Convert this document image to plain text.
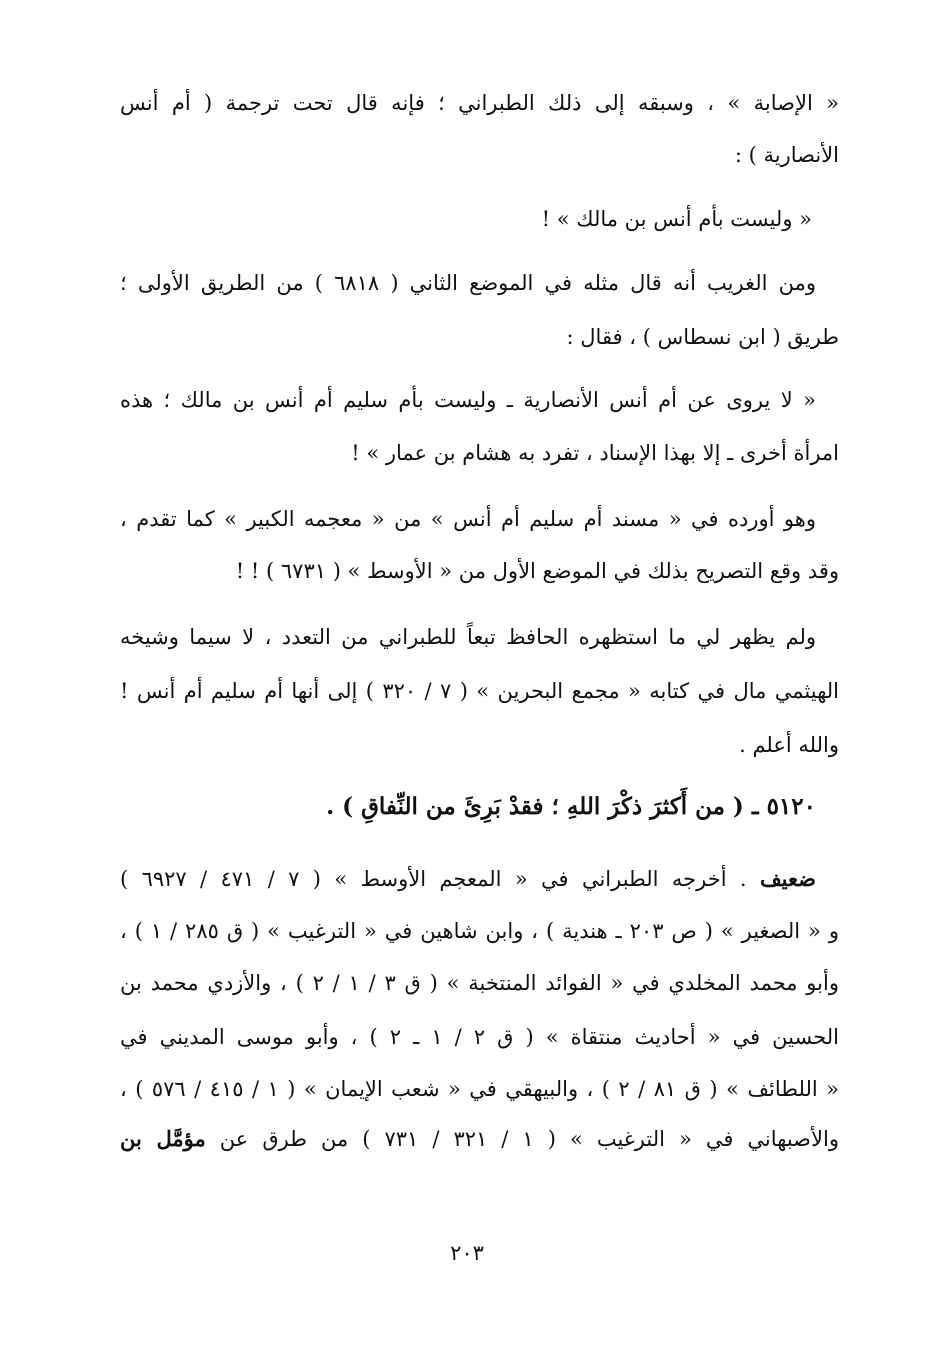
« الإصابة » ، وسبقه إلى ذلك الطبراني ؛ فإنه قال تحت ترجمة ( أم أنس
الأنصارية ) :
« وليست بأم أنس بن مالك » !
ومن الغريب أنه قال مثله في الموضع الثاني ( ٦٨١٨ ) من الطريق الأولى ؛
طريق ( ابن نسطاس ) ، فقال :
« لا يروى عن أم أنس الأنصارية ـ وليست بأم سليم أم أنس بن مالك ؛ هذه
امرأة أخرى ـ إلا بهذا الإسناد ، تفرد به هشام بن عمار » !
وهو أورده في « مسند أم سليم أم أنس » من « معجمه الكبير » كما تقدم ،
وقد وقع التصريح بذلك في الموضع الأول من « الأوسط » ( ٦٧٣١ ) ! !
ولم يظهر لي ما استظهره الحافظ تبعاً للطبراني من التعدد ، لا سيما وشيخه
الهيثمي مال في كتابه « مجمع البحرين » ( ٧ / ٣٢٠ ) إلى أنها أم سليم أم أنس !
والله أعلم .
٥١٢٠ ـ ( من أَكثرَ ذكْرَ اللهِ ؛ فقدْ بَرِئَ من النِّفاقِ ) .
ضعيف . أخرجه الطبراني في « المعجم الأوسط » ( ٧ / ٤٧١ / ٦٩٢٧ )
و « الصغير » ( ص ٢٠٣ ـ هندية ) ، وابن شاهين في « الترغيب » ( ق ٢٨٥ / ١ ) ،
وأبو محمد المخلدي في « الفوائد المنتخبة » ( ق ٣ / ١ / ٢ ) ، والأزدي محمد بن
الحسين في « أحاديث منتقاة » ( ق ٢ / ١ ـ ٢ ) ، وأبو موسى المديني في
« اللطائف » ( ق ٨١ / ٢ ) ، والبيهقي في « شعب الإيمان » ( ١ / ٤١٥ / ٥٧٦ ) ،
والأصبهاني في « الترغيب » ( ١ / ٣٢١ / ٧٣١ ) من طرق عن مؤمَّل بن
٢٠٣
